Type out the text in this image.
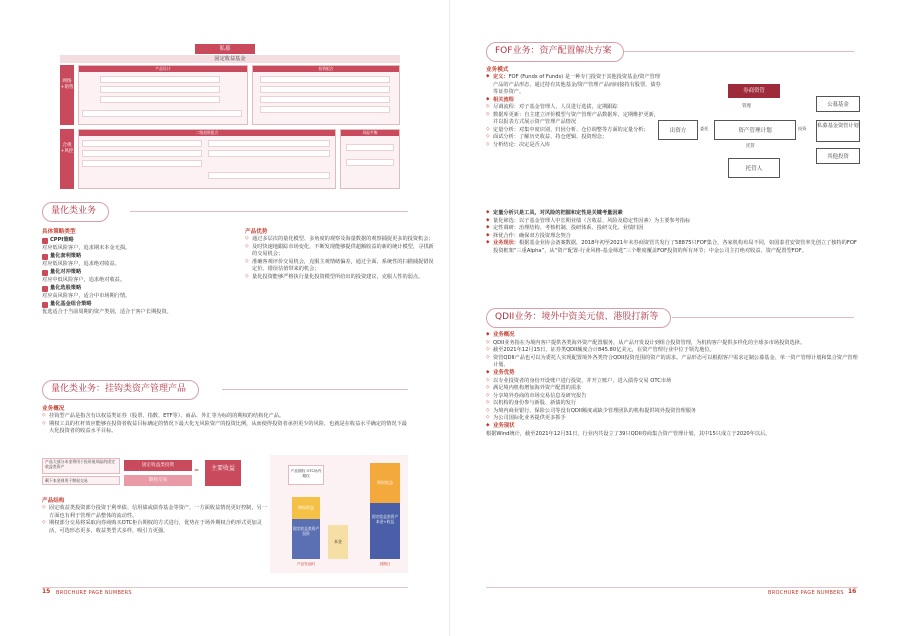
私募
固定收益基金
网络+销售
合规+风控
产品设计	投资组合
二级投资组合	风险平衡
量化类业务
具体策略类型
CPPI策略
对应低风险客户，追求期末本金无损。
量化套利策略
对应低风险客户，追求绝对收益。
量化对冲策略
对应中低风险客户，追求绝对收益。
量化选股策略
对应高风险客户，适合中市场期行情。
量化基金组合策略
优选适合于当前周期的资产类别，适合于客户长期投资。
产品优势
◇ 通过多层次的量化模型、多角度的观察及海量数据的观察捕捉更多的投资机会；
◇ 及时快速地跟踪市场变化，不断发现能够提供超额收益的新的统计模型，寻找新的交易机会；
◇ 准确客观评价交易机会，克服主观情绪偏差，通过全面、系统性的扫描捕捉错误定价、错误估值带来的机会；
◇ 量化投资能够严格执行量化投资模型所给出的投资建议，克服人性的弱点。
量化类业务：挂钩类资产管理产品
业务概况
◇ 挂钩型产品是指含有以权益类证券（股票、指数、ETF等）、商品、外汇等为标的的期权的结构化产品。
◇ 期权工具的杠杆效应能够在投资者收益目标确定的情况下最大化无风险资产的投资比例，从而使得投资者承担更少的风险，也就是在收益水平确定的情况下最大化投资者的收益水平目标。
产品大部分本金将用于投资低风险的固定收益类资产
剩下本金则用于期权交易
固定收益类投资
期权交易
=	主要收益
产品结构
◇ 固定收益类投资部分投资于利率债、信用债或债券基金等资产，一方面收益情况更好控制，另一方面也有利于管理产品整体的流动性。
◇ 期权部分交易将采取向券商购买OTC柜台期权的方式进行，优势在于场外期权合约形式更加灵活，可选形态更多，收益类型式多样，吸引力更强。
产品期权 OTC场内期权
期权收益
固定收益类资产投资
本金
期权收益
固定收益类资产本金+收益
产品发起时	到期日
15 BROCHURE PAGE NUMBERS
FOF业务：资产配置解决方案
业务模式
◆ 定义：FOF (Funds of Funds) 是一种专门投资于其他投资基金/资产管理产品的产品形态，通过持有其他基金/资产管理产品而间接持有股票、债券等证券资产。
◆ 相关流程
◇ 尽调流程：对子基金管理人、人员进行选拔，定期跟踪
◇ 数据库更新：自主建立评价模型与资产管理产品数据库，定期维护更新，并以报表方式展示资产管理产品情况
◇ 定量分析：对集中度识别、归因分析、仓位调整等方面的定量分析；
◇ 面试分析：了解历史收益、持仓逻辑、投资理念；
◇ 分析结论：决定是否入库
券商资管
管理
资产管理计划
出资方	委托	投资
托管
托管人
公募基金
私募基金资管计划
其他投资
◆ 定量分析只是工具，对风险的把握和定性是关键考量因素
◆ 量化筛选：以子基金管理人中长期业绩（含收益、风险及稳定性因素）为主要参考指标
◆ 定性调研：治理结构、考核机制、投研体系、投研文化、业绩归因
◆ 择优合作：确保双方投资理念契合
◆ 业务现状：根据基金业协会备案数据，2018年初至2021年末券商资管共发行了58875只FOF集合，各家机构布局不同，如国泰君安资管率先创立了独特的FOF投资框架“三重Alpha”，从“资产配置-行业风格-基金筛选”三个维度覆盖FOF投资的所有环节；中金公司主打绝对收益、资产配置型FOF。
QDII业务：境外中资美元债、港股打新等
◆ 业务概况
◇ QDII业务指在为境内客户提供各类海外资产配置服务，从产品开发设计到组合投资管理，为机构客户提供多样化的全球多市场投资选择。
◇ 截至2021年12月15日，证券类QDII额度合计845.80亿美元，在资产管理行业中位于领先地位。
◇ 资管QDII产品也可以为委托人实现配置境外各类符合QDII投资范围的资产的需求。产品形态可以根据客户需求定制公募基金、单一资产管理计划和集合资产管理计划。
◆ 业务优势
◇ 以专业投资者的身份开设账户进行投资，并开立账户，进入债券交易 OTC市场
◇ 满足境内机构增加海外资产配置的需求
◇ 分享境外券商的市场交易信息及研究报告
◇ 以机构的身份参与新股、新债的发行
◇ 为境内商业银行、保险公司等没有QDII额度或缺少管理团队的机构提供境外投资管理服务
◇ 为公司国际化业务提供更多抓手
◆ 业务现状
根据Wind统计，截至2021年12月31日，行业内共设立了39只QDII券商集合资产管理计划，其中15只成立于2020年以后。
BROCHURE PAGE NUMBERS 16
